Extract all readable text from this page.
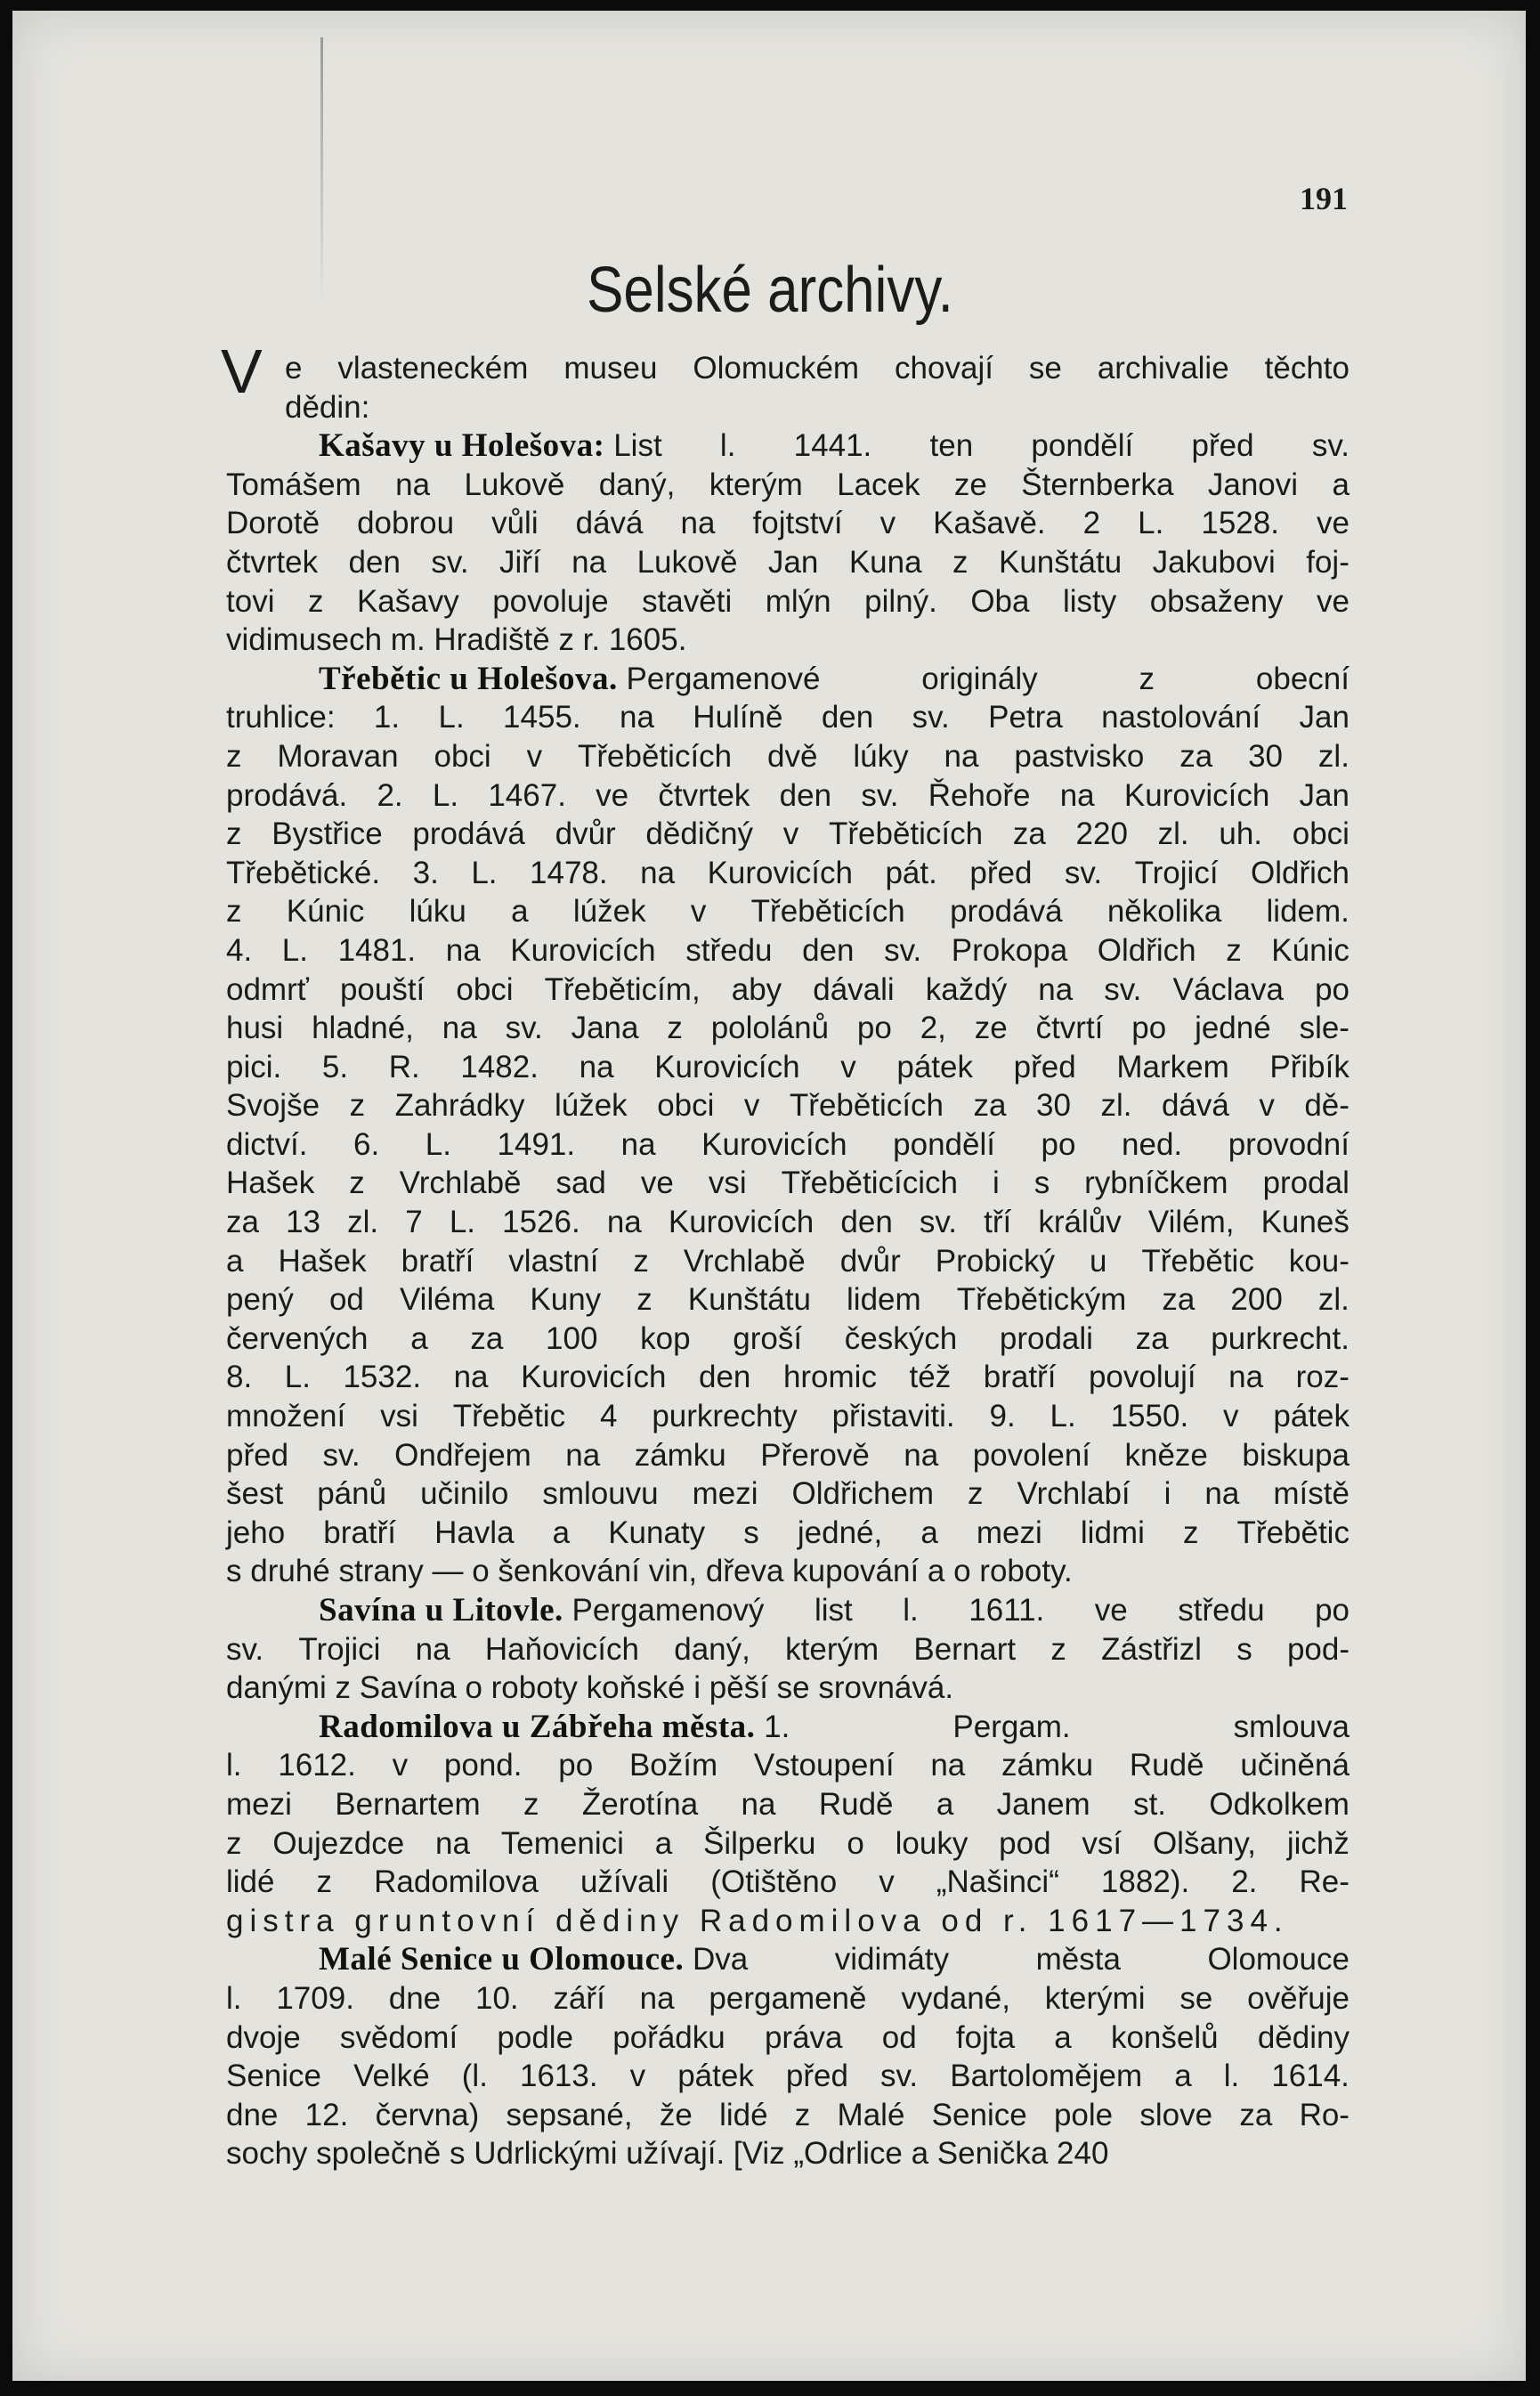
191
Selské archivy.
V e vlasteneckém museu Olomuckém chovají se archivalie těchto
dědin:
Kašavy u Holešova:
List l. 1441. ten pondělí před sv.
Tomášem na Lukově daný, kterým Lacek ze Šternberka Janovi a
Dorotě dobrou vůli dává na fojtství v Kašavě. 2 L. 1528. ve
čtvrtek den sv. Jiří na Lukově Jan Kuna z Kunštátu Jakubovi foj-
tovi z Kašavy povoluje stavěti mlýn pilný. Oba listy obsaženy ve
vidimusech m. Hradiště z r. 1605.
Třebětic u Holešova.
Pergamenové	originály	z	obecní
truhlice: 1. L. 1455. na Hulíně den sv. Petra nastolování Jan
z Moravan obci v Třeběticích dvě lúky na pastvisko za 30 zl.
prodává. 2. L. 1467. ve čtvrtek den sv. Řehoře na Kurovicích Jan
z Bystřice prodává dvůr dědičný v Třeběticích za 220 zl. uh. obci
Třebětické. 3. L. 1478. na Kurovicích pát. před sv. Trojicí Oldřich
z Kúnic lúku a lúžek v Třeběticích prodává několika lidem.
4. L. 1481. na Kurovicích středu den sv. Prokopa Oldřich z Kúnic
odmrť pouští obci Třeběticím, aby dávali každý na sv. Václava po
husi hladné, na sv. Jana z pololánů po 2, ze čtvrtí po jedné sle-
pici. 5. R. 1482. na Kurovicích v pátek před Markem Přibík
Svojše z Zahrádky lúžek obci v Třeběticích za 30 zl. dává v dě-
dictví. 6. L. 1491. na Kurovicích pondělí po ned. provodní
Hašek z Vrchlabě sad ve vsi Třeběticícich i s rybníčkem prodal
za 13 zl. 7 L. 1526. na Kurovicích den sv. tří králův Vilém, Kuneš
a Hašek bratří vlastní z Vrchlabě dvůr Probický u Třebětic kou-
pený od Viléma Kuny z Kunštátu lidem Třebětickým za 200 zl.
červených a za 100 kop groší českých prodali za purkrecht.
8. L. 1532. na Kurovicích den hromic též bratří povolují na roz-
množení vsi Třebětic 4 purkrechty přistaviti. 9. L. 1550. v pátek
před sv. Ondřejem na zámku Přerově na povolení kněze biskupa
šest pánů učinilo smlouvu mezi Oldřichem z Vrchlabí i na místě
jeho bratří Havla a Kunaty s jedné, a mezi lidmi z Třebětic
s druhé strany — o šenkování vin, dřeva kupování a o roboty.
Savína u Litovle.
Pergamenový list l. 1611. ve středu po
sv. Trojici na Haňovicích daný, kterým Bernart z Zástřizl s pod-
danými z Savína o roboty koňské i pěší se srovnává.
Radomilova u Zábřeha města.
1.	Pergam.	smlouva
l. 1612. v pond. po Božím Vstoupení na zámku Rudě učiněná
mezi Bernartem z Žerotína na Rudě a Janem st. Odkolkem
z Oujezdce na Temenici a Šilperku o louky pod vsí Olšany, jichž
lidé z Radomilova užívali (Otištěno v „Našinci“ 1882). 2. Re-
gistra gruntovní dědiny Radomilova od r. 1617—1734.
Malé Senice u Olomouce.
Dva	vidimáty	města	Olomouce
l. 1709. dne 10. září na pergameně vydané, kterými se ověřuje
dvoje svědomí podle pořádku práva od fojta a konšelů dědiny
Senice Velké (l. 1613. v pátek před sv. Bartolomějem a l. 1614.
dne 12. června) sepsané, že lidé z Malé Senice pole slove za Ro-
sochy společně s Udrlickými užívají. [Viz „Odrlice a Senička 240
